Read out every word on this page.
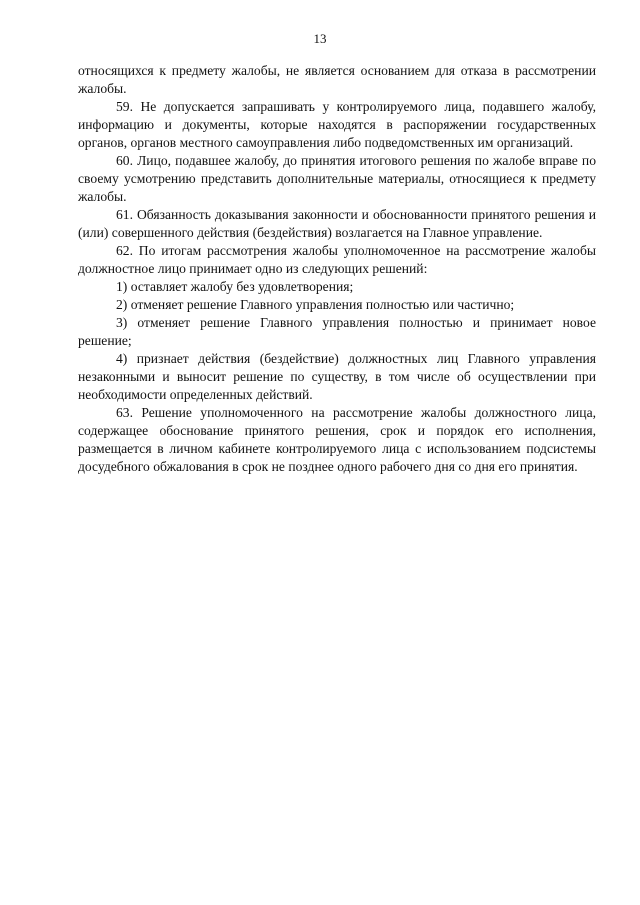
13

относящихся к предмету жалобы, не является основанием для отказа в рассмотрении жалобы.

59. Не допускается запрашивать у контролируемого лица, подавшего жалобу, информацию и документы, которые находятся в распоряжении государственных органов, органов местного самоуправления либо подведомственных им организаций.

60. Лицо, подавшее жалобу, до принятия итогового решения по жалобе вправе по своему усмотрению представить дополнительные материалы, относящиеся к предмету жалобы.

61. Обязанность доказывания законности и обоснованности принятого решения и (или) совершенного действия (бездействия) возлагается на Главное управление.

62. По итогам рассмотрения жалобы уполномоченное на рассмотрение жалобы должностное лицо принимает одно из следующих решений:

1) оставляет жалобу без удовлетворения;

2) отменяет решение Главного управления полностью или частично;

3) отменяет решение Главного управления полностью и принимает новое решение;

4) признает действия (бездействие) должностных лиц Главного управления незаконными и выносит решение по существу, в том числе об осуществлении при необходимости определенных действий.

63. Решение уполномоченного на рассмотрение жалобы должностного лица, содержащее обоснование принятого решения, срок и порядок его исполнения, размещается в личном кабинете контролируемого лица с использованием подсистемы досудебного обжалования в срок не позднее одного рабочего дня со дня его принятия.
